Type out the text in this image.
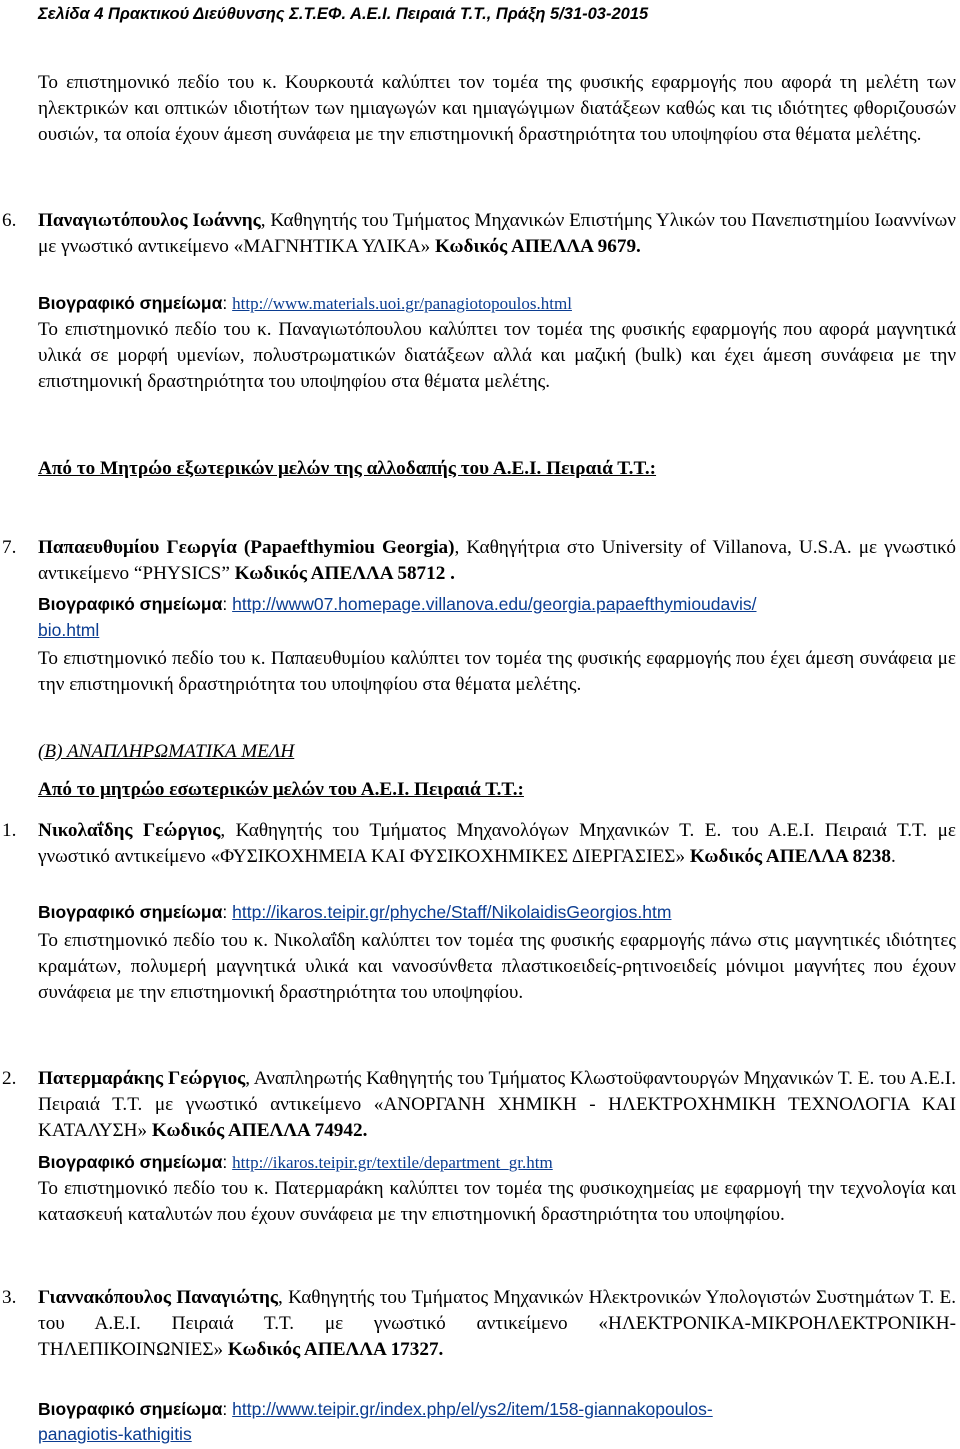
Σελίδα 4 Πρακτικού Διεύθυνσης Σ.Τ.ΕΦ. Α.Ε.Ι. Πειραιά Τ.Τ., Πράξη 5/31-03-2015
Το επιστημονικό πεδίο του κ. Κουρκουτά καλύπτει τον τομέα της φυσικής εφαρμογής που αφορά τη μελέτη των ηλεκτρικών και οπτικών ιδιοτήτων των ημιαγωγών και ημιαγώγιμων διατάξεων καθώς και τις ιδιότητες φθοριζουσών ουσιών, τα οποία έχουν άμεση συνάφεια με την επιστημονική δραστηριότητα του υποψηφίου στα θέματα μελέτης.
6. Παναγιωτόπουλος Ιωάννης, Καθηγητής του Τμήματος Μηχανικών Επιστήμης Υλικών του Πανεπιστημίου Ιωαννίνων με γνωστικό αντικείμενο «ΜΑΓΝΗΤΙΚΑ ΥΛΙΚΑ» Κωδικός ΑΠΕΛΛΑ 9679.
Βιογραφικό σημείωμα: http://www.materials.uoi.gr/panagiotopoulos.html
Το επιστημονικό πεδίο του κ. Παναγιωτόπουλου καλύπτει τον τομέα της φυσικής εφαρμογής που αφορά μαγνητικά υλικά σε μορφή υμενίων, πολυστρωματικών διατάξεων αλλά και μαζική (bulk) και έχει άμεση συνάφεια με την επιστημονική δραστηριότητα του υποψηφίου στα θέματα μελέτης.
Από το Μητρώο εξωτερικών μελών της αλλοδαπής του Α.Ε.Ι. Πειραιά Τ.Τ.:
7. Παπαευθυμίου Γεωργία (Papaefthymiou Georgia), Καθηγήτρια στο University of Villanova, U.S.A. με γνωστικό αντικείμενο “PHYSICS” Κωδικός ΑΠΕΛΛΑ 58712 .
Βιογραφικό σημείωμα: http://www07.homepage.villanova.edu/georgia.papaefthymioudavis/
bio.html
Το επιστημονικό πεδίο του κ. Παπαευθυμίου καλύπτει τον τομέα της φυσικής εφαρμογής που έχει άμεση συνάφεια με την επιστημονική δραστηριότητα του υποψηφίου στα θέματα μελέτης.
(Β) ΑΝΑΠΛΗΡΩΜΑΤΙΚΑ ΜΕΛΗ
Από το μητρώο εσωτερικών μελών του Α.Ε.Ι. Πειραιά Τ.Τ.:
1. Νικολαΐδης Γεώργιος, Καθηγητής του Τμήματος Μηχανολόγων Μηχανικών Τ. Ε. του Α.Ε.Ι. Πειραιά Τ.Τ. με γνωστικό αντικείμενο «ΦΥΣΙΚΟΧΗΜΕΙΑ ΚΑΙ ΦΥΣΙΚΟΧΗΜΙΚΕΣ ΔΙΕΡΓΑΣΙΕΣ» Κωδικός ΑΠΕΛΛΑ 8238.
Βιογραφικό σημείωμα: http://ikaros.teipir.gr/phyche/Staff/NikolaidisGeorgios.htm
Το επιστημονικό πεδίο του κ. Νικολαΐδη καλύπτει τον τομέα της φυσικής εφαρμογής πάνω στις μαγνητικές ιδιότητες κραμάτων, πολυμερή μαγνητικά υλικά και νανοσύνθετα πλαστικοειδείς-ρητινοειδείς μόνιμοι μαγνήτες που έχουν συνάφεια με την επιστημονική δραστηριότητα του υποψηφίου.
2. Πατερμαράκης Γεώργιος, Αναπληρωτής Καθηγητής του Τμήματος Κλωστοϋφαντουργών Μηχανικών Τ. Ε. του Α.Ε.Ι. Πειραιά Τ.Τ. με γνωστικό αντικείμενο «ΑΝΟΡΓΑΝΗ ΧΗΜΙΚΗ - ΗΛΕΚΤΡΟΧΗΜΙΚΗ ΤΕΧΝΟΛΟΓΙΑ ΚΑΙ ΚΑΤΑΛΥΣΗ» Κωδικός ΑΠΕΛΛΑ 74942.
Βιογραφικό σημείωμα: http://ikaros.teipir.gr/textile/department_gr.htm
Το επιστημονικό πεδίο του κ. Πατερμαράκη καλύπτει τον τομέα της φυσικοχημείας με εφαρμογή την τεχνολογία και κατασκευή καταλυτών που έχουν συνάφεια με την επιστημονική δραστηριότητα του υποψηφίου.
3. Γιαννακόπουλος Παναγιώτης, Καθηγητής του Τμήματος Μηχανικών Ηλεκτρονικών Υπολογιστών Συστημάτων Τ. Ε. του Α.Ε.Ι. Πειραιά Τ.Τ. με γνωστικό αντικείμενο «ΗΛΕΚΤΡΟΝΙΚΑ-ΜΙΚΡΟΗΛΕΚΤΡΟΝΙΚΗ-ΤΗΛΕΠΙΚΟΙΝΩΝΙΕΣ» Κωδικός ΑΠΕΛΛΑ 17327.
Βιογραφικό σημείωμα: http://www.teipir.gr/index.php/el/ys2/item/158-giannakopoulos-
panagiotis-kathigitis
